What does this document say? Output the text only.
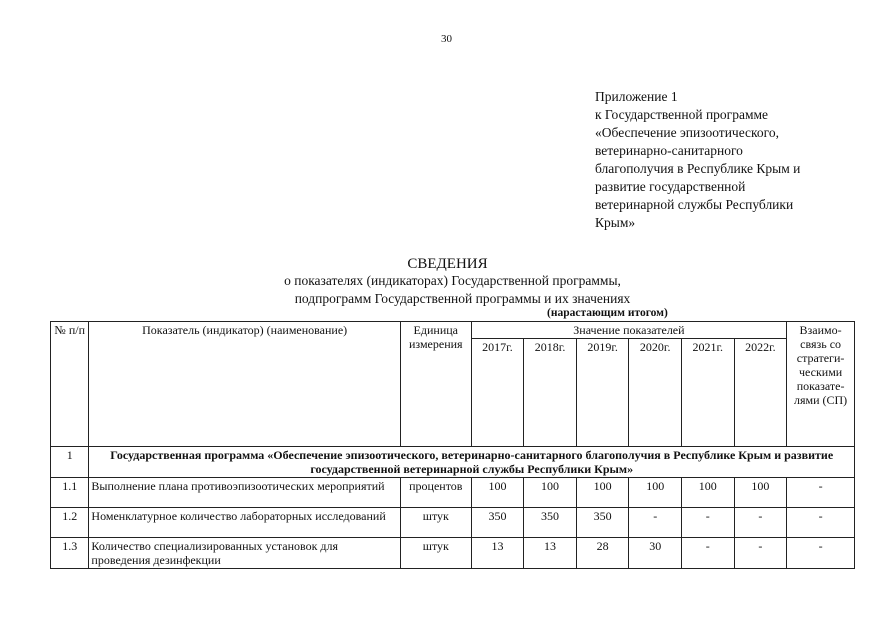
30
Приложение 1
к Государственной программе
«Обеспечение эпизоотического,
ветеринарно-санитарного
благополучия в Республике Крым и
развитие государственной
ветеринарной службы Республики
Крым»
СВЕДЕНИЯ
о показателях (индикаторах) Государственной программы,
подпрограмм Государственной программы и их значениях
(нарастающим итогом)
№ п/п	Показатель (индикатор) (наименование)	Единица измерения	Значение показателей						Взаимо-связь со стратеги-ческими показате-лями (СП)
			2017г.	2018г.	2019г.	2020г.	2021г.	2022г.	
1	Государственная программа «Обеспечение эпизоотического, ветеринарно-санитарного благополучия в Республике Крым и развитие государственной ветеринарной службы Республики Крым»								
1.1	Выполнение плана противоэпизоотических мероприятий	процентов	100	100	100	100	100	100	-
1.2	Номенклатурное количество лабораторных исследований	штук	350	350	350	-	-	-	-
1.3	Количество специализированных установок для проведения дезинфекции	штук	13	13	28	30	-	-	-
